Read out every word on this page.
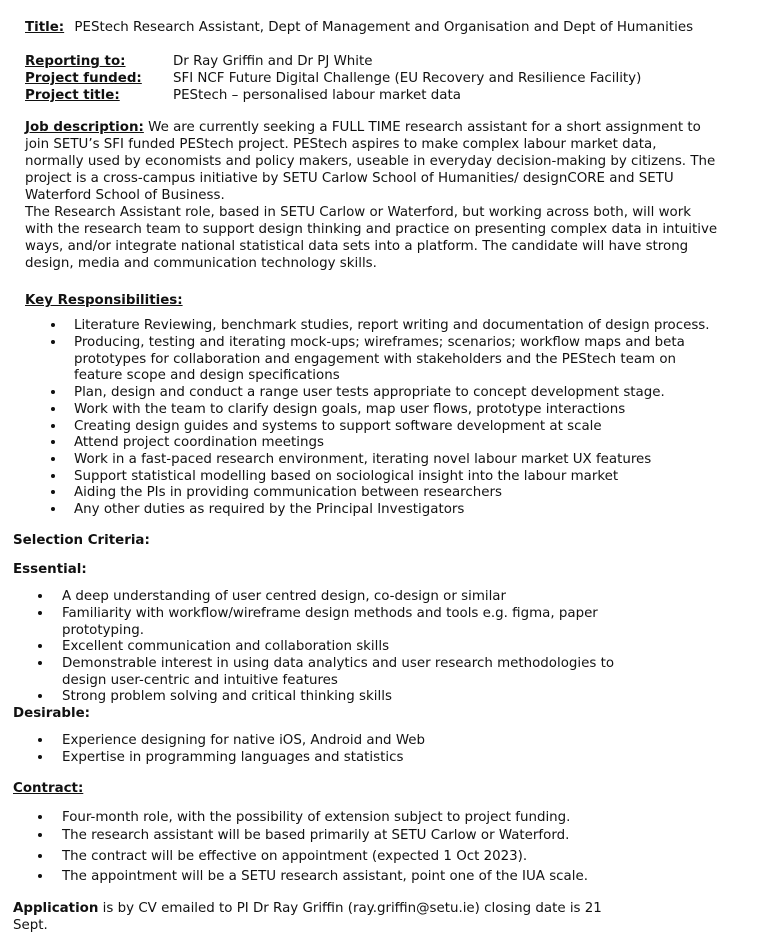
Title: PEStech Research Assistant, Dept of Management and Organisation and Dept of Humanities
Reporting to:	Dr Ray Griffin and Dr PJ White
Project funded: SFI NCF Future Digital Challenge (EU Recovery and Resilience Facility)
Project title:	PEStech – personalised labour market data
Job description: We are currently seeking a FULL TIME research assistant for a short assignment to
join SETU’s SFI funded PEStech project. PEStech aspires to make complex labour market data,
normally used by economists and policy makers, useable in everyday decision-making by citizens. The
project is a cross-campus initiative by SETU Carlow School of Humanities/ designCORE and SETU
Waterford School of Business.
The Research Assistant role, based in SETU Carlow or Waterford, but working across both, will work
with the research team to support design thinking and practice on presenting complex data in intuitive
ways, and/or integrate national statistical data sets into a platform. The candidate will have strong
design, media and communication technology skills.
Key Responsibilities:
Literature Reviewing, benchmark studies, report writing and documentation of design process.
Producing, testing and iterating mock-ups; wireframes; scenarios; workflow maps and beta
prototypes for collaboration and engagement with stakeholders and the PEStech team on
feature scope and design specifications
Plan, design and conduct a range user tests appropriate to concept development stage.
Work with the team to clarify design goals, map user flows, prototype interactions
Creating design guides and systems to support software development at scale
Attend project coordination meetings
Work in a fast-paced research environment, iterating novel labour market UX features
Support statistical modelling based on sociological insight into the labour market
Aiding the PIs in providing communication between researchers
Any other duties as required by the Principal Investigators
Selection Criteria:
Essential:
A deep understanding of user centred design, co-design or similar
Familiarity with workflow/wireframe design methods and tools e.g. figma, paper
prototyping.
Excellent communication and collaboration skills
Demonstrable interest in using data analytics and user research methodologies to
design user-centric and intuitive features
Strong problem solving and critical thinking skills
Desirable:
Experience designing for native iOS, Android and Web
Expertise in programming languages and statistics
Contract:
Four-month role, with the possibility of extension subject to project funding.
The research assistant will be based primarily at SETU Carlow or Waterford.
The contract will be effective on appointment (expected 1 Oct 2023).
The appointment will be a SETU research assistant, point one of the IUA scale.
Application is by CV emailed to PI Dr Ray Griffin (ray.griffin@setu.ie) closing date is 21
Sept.
